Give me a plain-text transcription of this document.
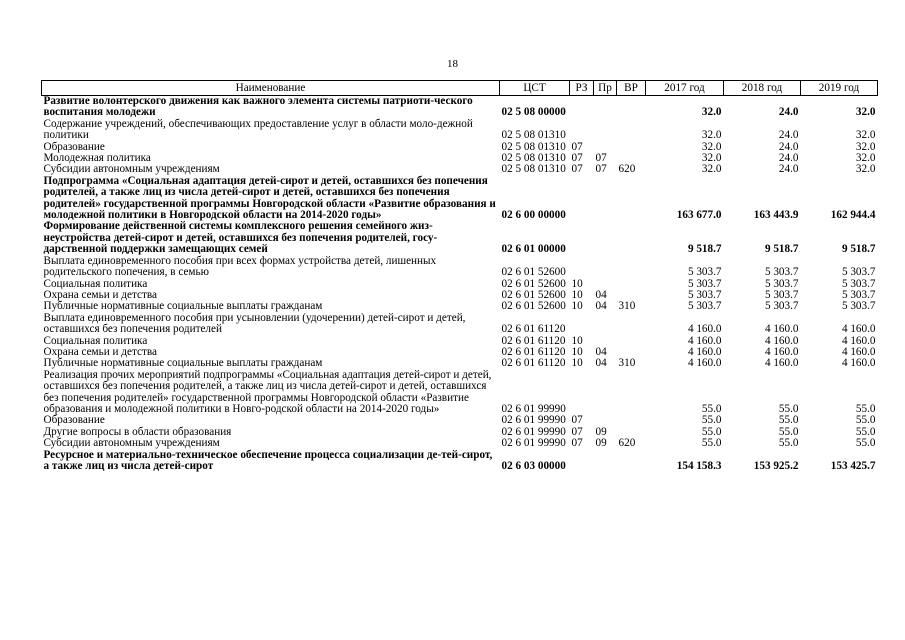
18
Наименование	ЦСТ	РЗ	Пр	ВР	2017 год	2018 год	2019 год
Развитие волонтерского движения как важного элемента системы патриоти-ческого воспитания молодежи	02 5 08 00000				32.0	24.0	32.0
Содержание учреждений, обеспечивающих предоставление услуг в области моло-дежной политики	02 5 08 01310				32.0	24.0	32.0
Образование	02 5 08 01310	07			32.0	24.0	32.0
Молодежная политика	02 5 08 01310	07	07		32.0	24.0	32.0
Субсидии автономным учреждениям	02 5 08 01310	07	07	620	32.0	24.0	32.0
Подпрограмма «Социальная адаптация детей-сирот и детей, оставшихся без попечения родителей, а также лиц из числа детей-сирот и детей, оставшихся без попечения родителей» государственной программы Новгородской области «Развитие образования и молодежной политики в Новгородской области на 2014-2020 годы»	02 6 00 00000				163 677.0	163 443.9	162 944.4
Формирование действенной системы комплексного решения семейного жиз-неустройства детей-сирот и детей, оставшихся без попечения родителей, госу-дарственной поддержки замещающих семей	02 6 01 00000				9 518.7	9 518.7	9 518.7
Выплата единовременного пособия при всех формах устройства детей, лишенных родительского попечения, в семью	02 6 01 52600				5 303.7	5 303.7	5 303.7
Социальная политика	02 6 01 52600	10			5 303.7	5 303.7	5 303.7
Охрана семьи и детства	02 6 01 52600	10	04		5 303.7	5 303.7	5 303.7
Публичные нормативные социальные выплаты гражданам	02 6 01 52600	10	04	310	5 303.7	5 303.7	5 303.7
Выплата единовременного пособия при усыновлении (удочерении) детей-сирот и детей, оставшихся без попечения родителей	02 6 01 61120				4 160.0	4 160.0	4 160.0
Социальная политика	02 6 01 61120	10			4 160.0	4 160.0	4 160.0
Охрана семьи и детства	02 6 01 61120	10	04		4 160.0	4 160.0	4 160.0
Публичные нормативные социальные выплаты гражданам	02 6 01 61120	10	04	310	4 160.0	4 160.0	4 160.0
Реализация прочих мероприятий подпрограммы «Социальная адаптация детей-сирот и детей, оставшихся без попечения родителей, а также лиц из числа детей-сирот и детей, оставшихся без попечения родителей» государственной программы Новгородской области «Развитие образования и молодежной политики в Новго-родской области на 2014-2020 годы»	02 6 01 99990				55.0	55.0	55.0
Образование	02 6 01 99990	07			55.0	55.0	55.0
Другие вопросы в области образования	02 6 01 99990	07	09		55.0	55.0	55.0
Субсидии автономным учреждениям	02 6 01 99990	07	09	620	55.0	55.0	55.0
Ресурсное и материально-техническое обеспечение процесса социализации де-тей-сирот, а также лиц из числа детей-сирот	02 6 03 00000				154 158.3	153 925.2	153 425.7
